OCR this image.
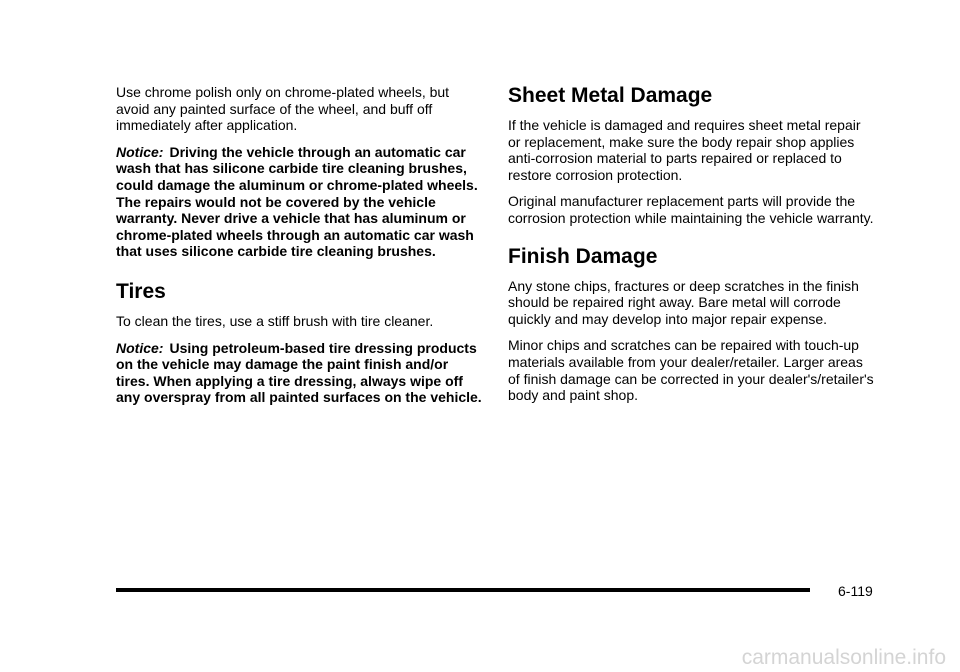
Use chrome polish only on chrome-plated wheels, but avoid any painted surface of the wheel, and buff off immediately after application.

Notice: Driving the vehicle through an automatic car wash that has silicone carbide tire cleaning brushes, could damage the aluminum or chrome-plated wheels. The repairs would not be covered by the vehicle warranty. Never drive a vehicle that has aluminum or chrome-plated wheels through an automatic car wash that uses silicone carbide tire cleaning brushes.

Tires

To clean the tires, use a stiff brush with tire cleaner.

Notice: Using petroleum-based tire dressing products on the vehicle may damage the paint finish and/or tires. When applying a tire dressing, always wipe off any overspray from all painted surfaces on the vehicle.

Sheet Metal Damage

If the vehicle is damaged and requires sheet metal repair or replacement, make sure the body repair shop applies anti-corrosion material to parts repaired or replaced to restore corrosion protection.

Original manufacturer replacement parts will provide the corrosion protection while maintaining the vehicle warranty.

Finish Damage

Any stone chips, fractures or deep scratches in the finish should be repaired right away. Bare metal will corrode quickly and may develop into major repair expense.

Minor chips and scratches can be repaired with touch-up materials available from your dealer/retailer. Larger areas of finish damage can be corrected in your dealer's/retailer's body and paint shop.

6-119
carmanualsonline.info
